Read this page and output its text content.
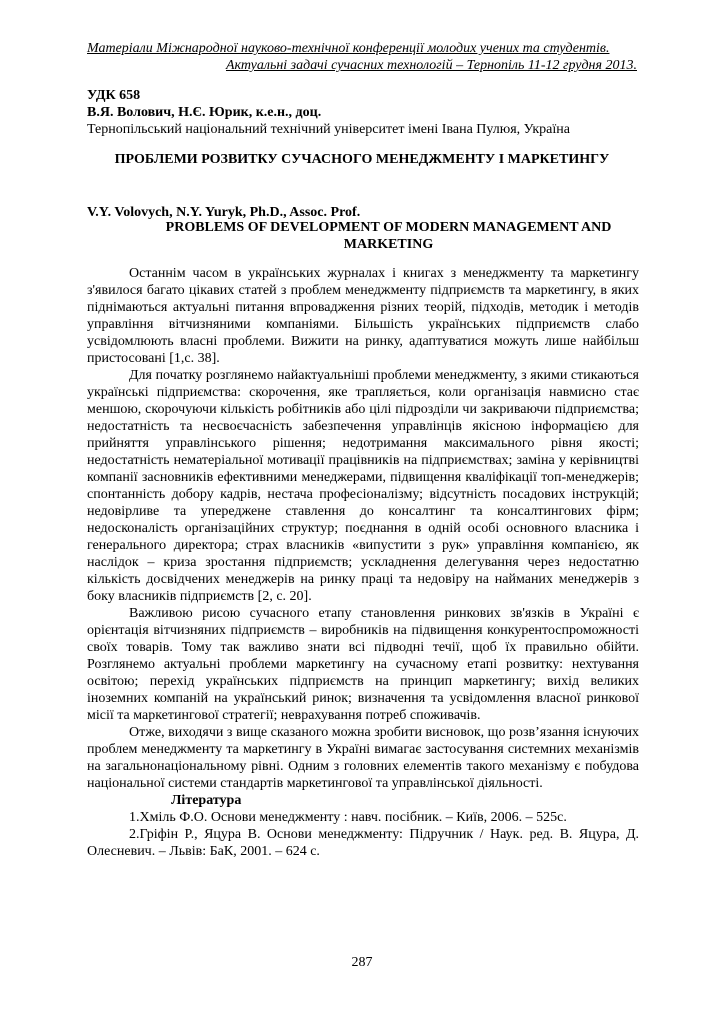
Матеріали Міжнародної науково-технічної конференції молодих учених та студентів.
Актуальні задачі сучасних технологій – Тернопіль 11-12 грудня 2013.
УДК 658
В.Я. Волович, Н.Є. Юрик, к.е.н., доц.
Тернопільський національний технічний університет імені Івана Пулюя, Україна
ПРОБЛЕМИ РОЗВИТКУ СУЧАСНОГО МЕНЕДЖМЕНТУ І МАРКЕТИНГУ
V.Y. Volovych, N.Y. Yuryk, Ph.D., Assoc. Prof.
PROBLEMS OF DEVELOPMENT OF MODERN MANAGEMENT AND MARKETING

Останнім часом в українських журналах і книгах з менеджменту та маркетингу з'явилося багато цікавих статей з проблем менеджменту підприємств та маркетингу, в яких піднімаються актуальні питання впровадження різних теорій, підходів, методик і методів управління вітчизняними компаніями. Більшість українських підприємств слабо усвідомлюють власні проблеми. Вижити на ринку, адаптуватися можуть лише найбільш пристосовані [1,с. 38].

Для початку розглянемо найактуальніші проблеми менеджменту, з якими стикаються українські підприємства: скорочення, яке трапляється, коли організація навмисно стає меншою, скорочуючи кількість робітників або цілі підрозділи чи закриваючи підприємства; недостатність та несвоєчасність забезпечення управлінців якісною інформацією для прийняття управлінського рішення; недотримання максимального рівня якості; недостатність нематеріальної мотивації працівників на підприємствах; заміна у керівництві компанії засновників ефективними менеджерами, підвищення кваліфікації топ-менеджерів; спонтанність добору кадрів, нестача професіоналізму; відсутність посадових інструкцій; недовірливе та упереджене ставлення до консалтинг та консалтингових фірм; недосконалість організаційних структур; поєднання в одній особі основного власника і генерального директора; страх власників «випустити з рук» управління компанією, як наслідок – криза зростання підприємств; ускладнення делегування через недостатню кількість досвідчених менеджерів на ринку праці та недовіру на найманих менеджерів з боку власників підприємств [2, с. 20].

Важливою рисою сучасного етапу становлення ринкових зв'язків в Україні є орієнтація вітчизняних підприємств – виробників на підвищення конкурентоспроможності своїх товарів. Тому так важливо знати всі підводні течії, щоб їх правильно обійти. Розглянемо актуальні проблеми маркетингу на сучасному етапі розвитку: нехтування освітою; перехід українських підприємств на принцип маркетингу; вихід великих іноземних компаній на український ринок; визначення та усвідомлення власної ринкової місії та маркетингової стратегії; неврахування потреб споживачів.

Отже, виходячи з вище сказаного можна зробити висновок, що розв’язання існуючих проблем менеджменту та маркетингу в Україні вимагає застосування системних механізмів на загальнонаціональному рівні. Одним з головних елементів такого механізму є побудова національної системи стандартів маркетингової та управлінської діяльності.

Література

1.Хміль Ф.О. Основи менеджменту : навч. посібник. – Київ, 2006. – 525с.

2.Гріфін Р., Яцура В. Основи менеджменту: Підручник / Наук. ред. В. Яцура, Д. Олесневич. – Львів: БаК, 2001. – 624 с.

287
